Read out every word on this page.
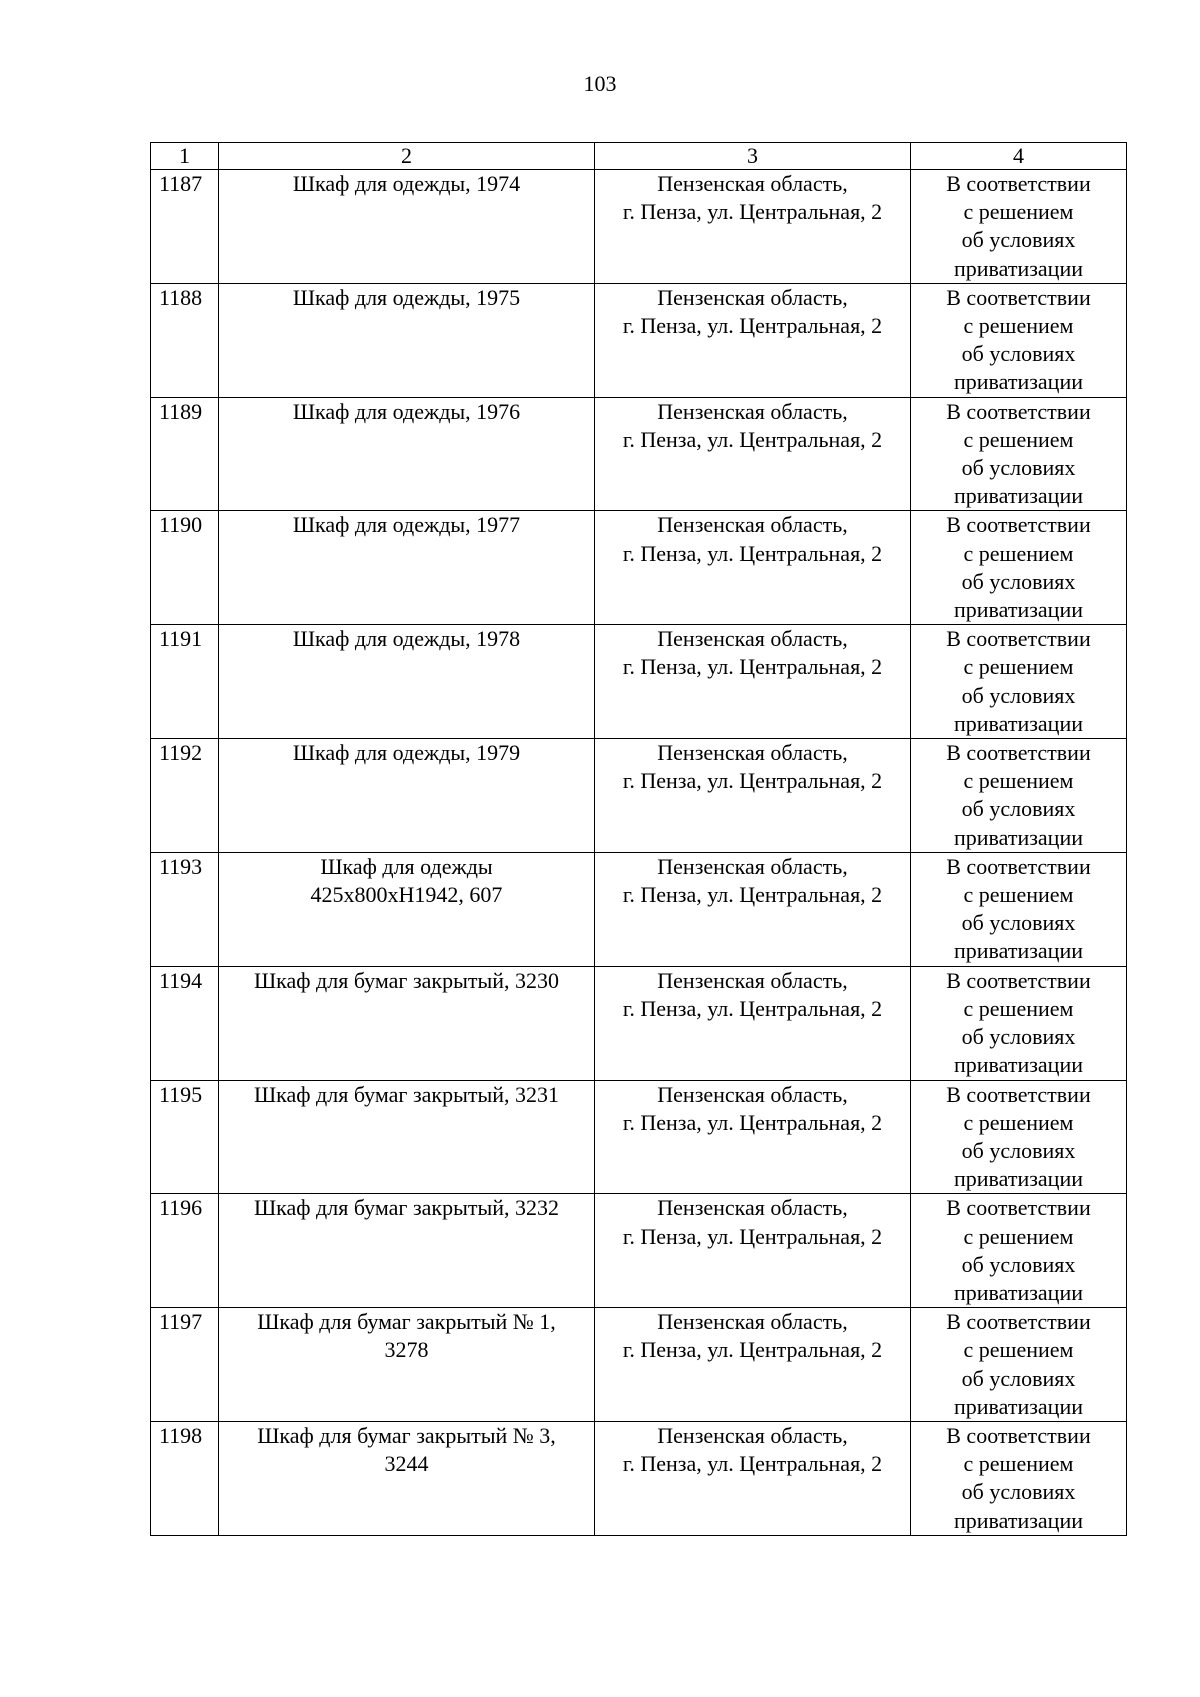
103
1	2	3	4
1187	Шкаф для одежды, 1974	Пензенская область,
г. Пенза, ул. Центральная, 2	В соответствии
с решением
об условиях
приватизации

1188	Шкаф для одежды, 1975	Пензенская область,
г. Пенза, ул. Центральная, 2	В соответствии
с решением
об условиях
приватизации

1189	Шкаф для одежды, 1976	Пензенская область,
г. Пенза, ул. Центральная, 2	В соответствии
с решением
об условиях
приватизации

1190	Шкаф для одежды, 1977	Пензенская область,
г. Пенза, ул. Центральная, 2	В соответствии
с решением
об условиях
приватизации

1191	Шкаф для одежды, 1978	Пензенская область,
г. Пенза, ул. Центральная, 2	В соответствии
с решением
об условиях
приватизации

1192	Шкаф для одежды, 1979	Пензенская область,
г. Пенза, ул. Центральная, 2	В соответствии
с решением
об условиях
приватизации

1193	Шкаф для одежды
425х800хН1942, 607	Пензенская область,
г. Пенза, ул. Центральная, 2	В соответствии
с решением
об условиях
приватизации

1194	Шкаф для бумаг закрытый, 3230	Пензенская область,
г. Пенза, ул. Центральная, 2	В соответствии
с решением
об условиях
приватизации

1195	Шкаф для бумаг закрытый, 3231	Пензенская область,
г. Пенза, ул. Центральная, 2	В соответствии
с решением
об условиях
приватизации

1196	Шкаф для бумаг закрытый, 3232	Пензенская область,
г. Пенза, ул. Центральная, 2	В соответствии
с решением
об условиях
приватизации

1197	Шкаф для бумаг закрытый № 1,
3278	Пензенская область,
г. Пенза, ул. Центральная, 2	В соответствии
с решением
об условиях
приватизации

1198	Шкаф для бумаг закрытый № 3,
3244	Пензенская область,
г. Пенза, ул. Центральная, 2	В соответствии
с решением
об условиях
приватизации
